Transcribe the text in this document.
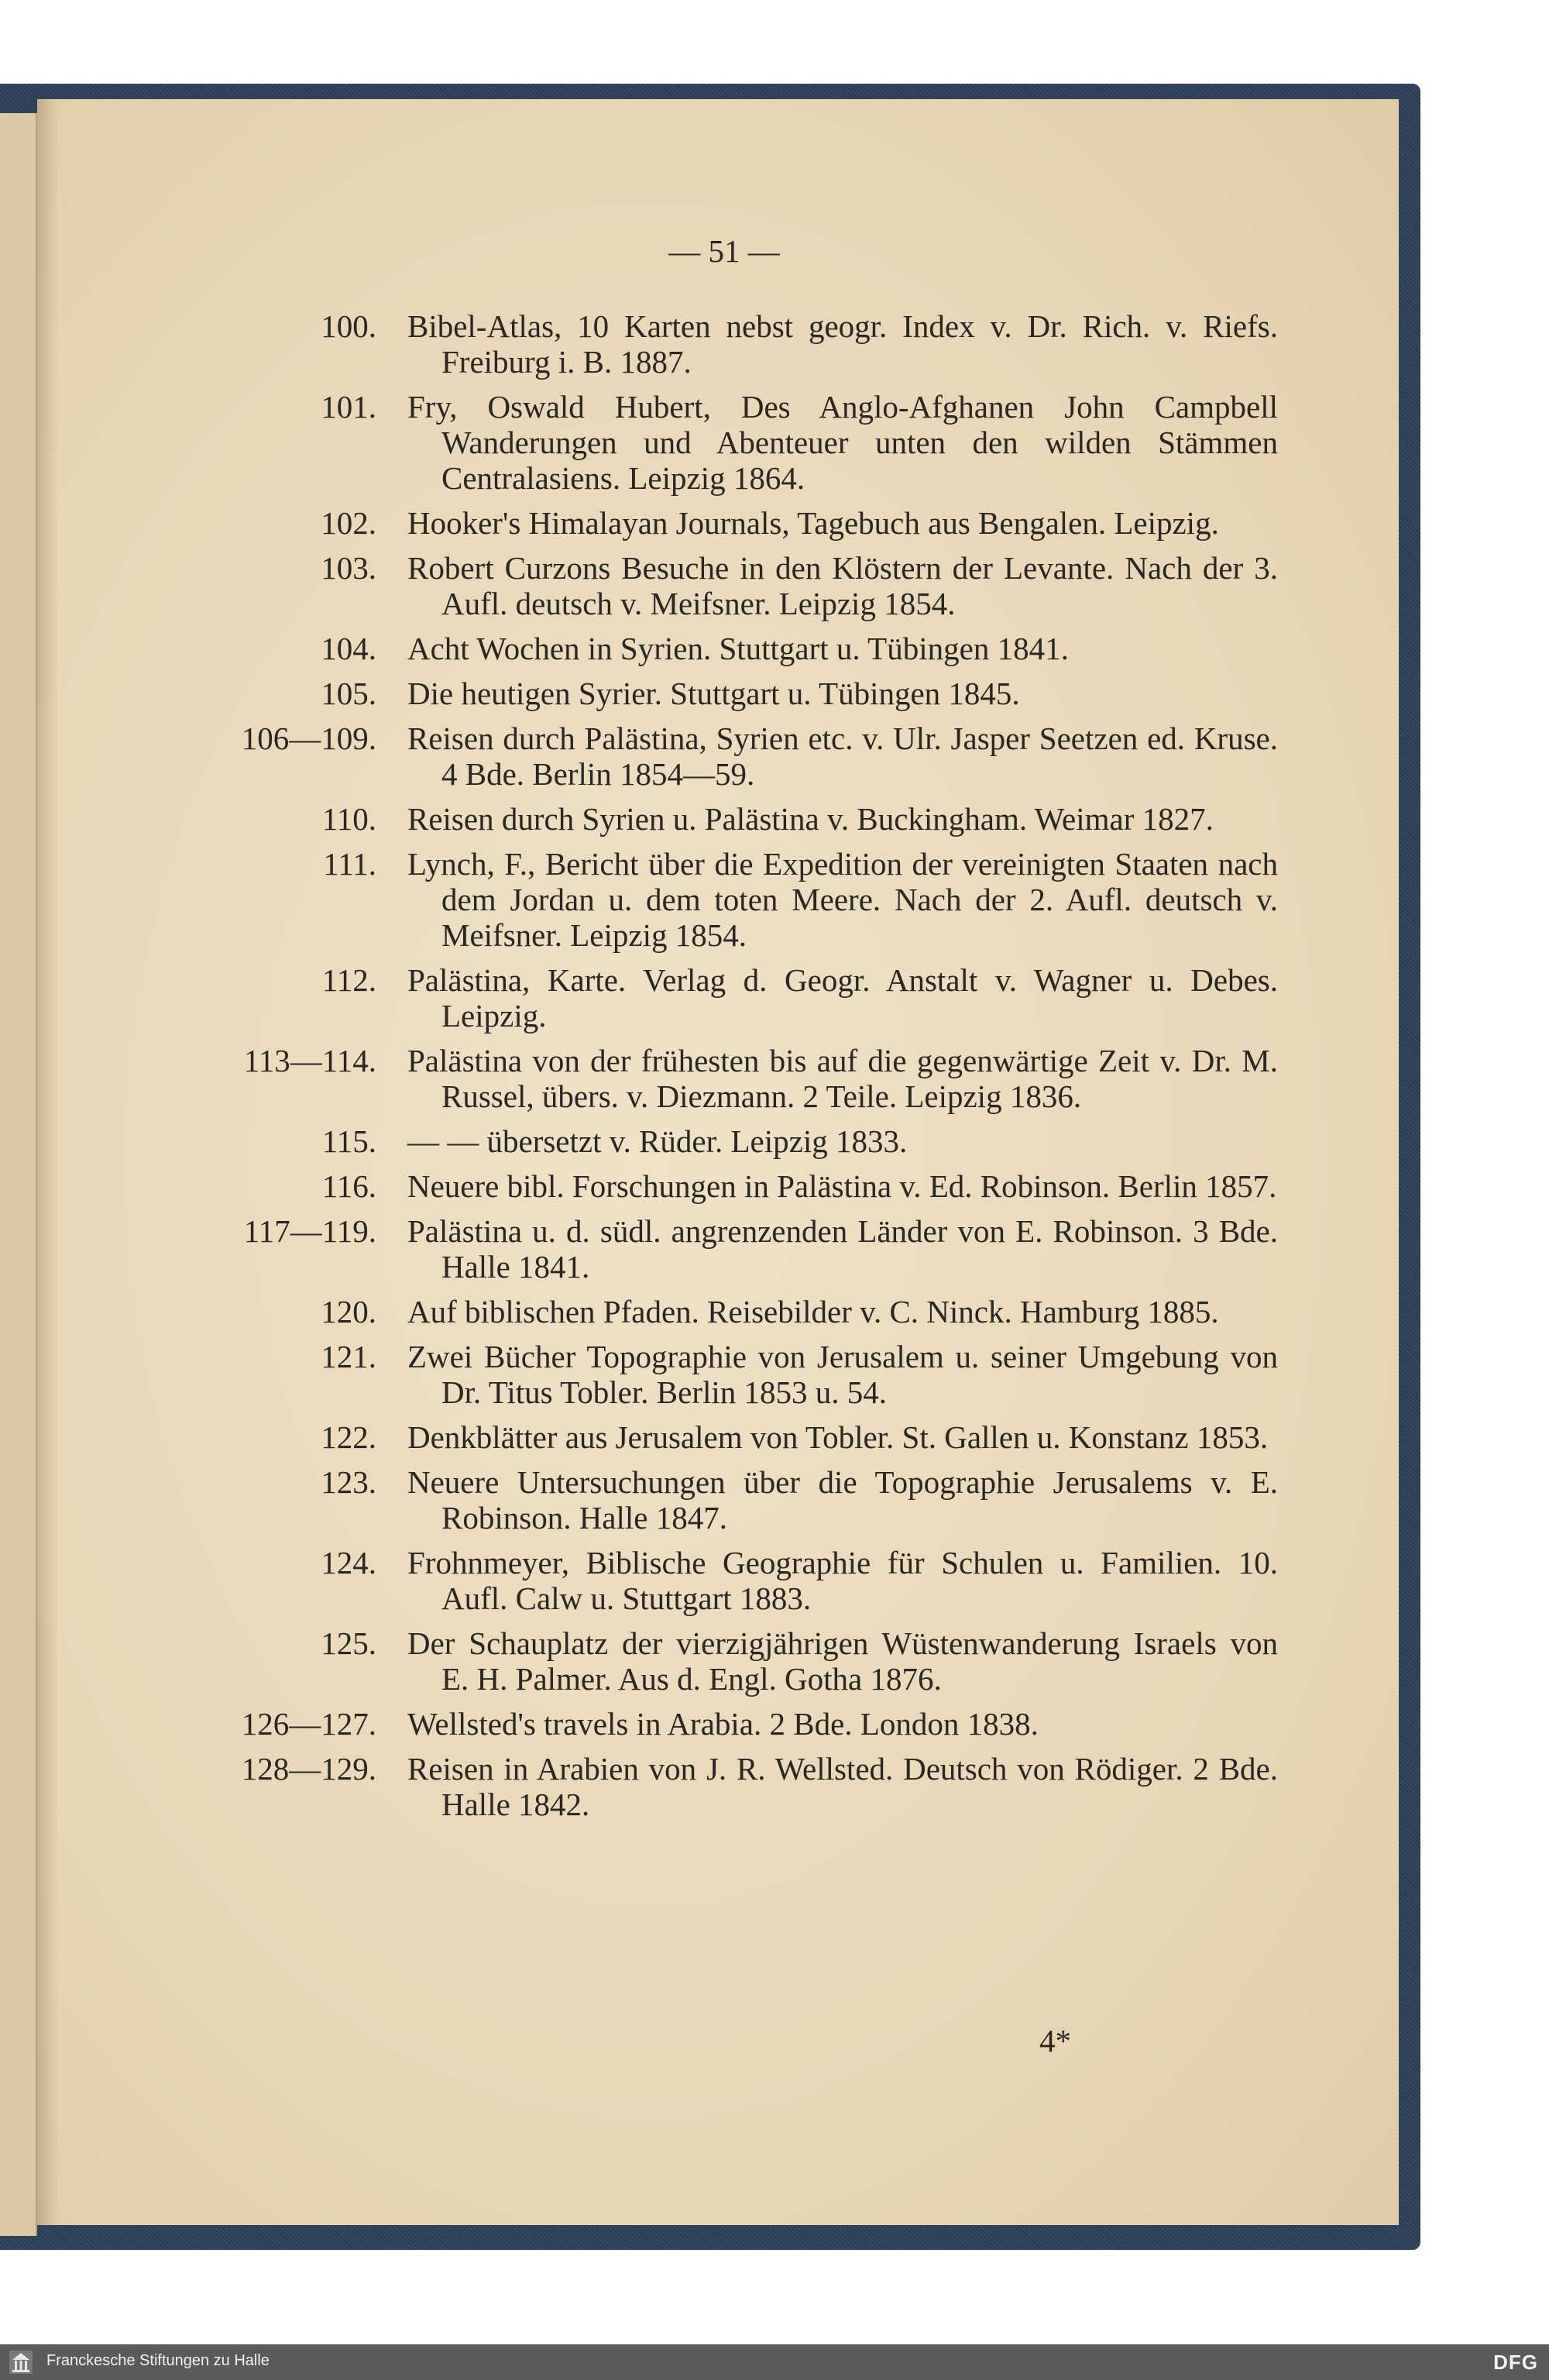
— 51 —
100. Bibel-Atlas, 10 Karten nebst geogr. Index v. Dr. Rich. v. Riefs. Freiburg i. B. 1887.
101. Fry, Oswald Hubert, Des Anglo-Afghanen John Campbell Wanderungen und Abenteuer unten den wilden Stämmen Centralasiens. Leipzig 1864.
102. Hooker's Himalayan Journals, Tagebuch aus Bengalen. Leipzig.
103. Robert Curzons Besuche in den Klöstern der Levante. Nach der 3. Aufl. deutsch v. Meifsner. Leipzig 1854.
104. Acht Wochen in Syrien. Stuttgart u. Tübingen 1841.
105. Die heutigen Syrier. Stuttgart u. Tübingen 1845.
106—109. Reisen durch Palästina, Syrien etc. v. Ulr. Jasper Seetzen ed. Kruse. 4 Bde. Berlin 1854—59.
110. Reisen durch Syrien u. Palästina v. Buckingham. Weimar 1827.
111. Lynch, F., Bericht über die Expedition der vereinigten Staaten nach dem Jordan u. dem toten Meere. Nach der 2. Aufl. deutsch v. Meifsner. Leipzig 1854.
112. Palästina, Karte. Verlag d. Geogr. Anstalt v. Wagner u. Debes. Leipzig.
113—114. Palästina von der frühesten bis auf die gegenwärtige Zeit v. Dr. M. Russel, übers. v. Diezmann. 2 Teile. Leipzig 1836.
115. — — übersetzt v. Rüder. Leipzig 1833.
116. Neuere bibl. Forschungen in Palästina v. Ed. Robinson. Berlin 1857.
117—119. Palästina u. d. südl. angrenzenden Länder von E. Robinson. 3 Bde. Halle 1841.
120. Auf biblischen Pfaden. Reisebilder v. C. Ninck. Hamburg 1885.
121. Zwei Bücher Topographie von Jerusalem u. seiner Umgebung von Dr. Titus Tobler. Berlin 1853 u. 54.
122. Denkblätter aus Jerusalem von Tobler. St. Gallen u. Konstanz 1853.
123. Neuere Untersuchungen über die Topographie Jerusalems v. E. Robinson. Halle 1847.
124. Frohnmeyer, Biblische Geographie für Schulen u. Familien. 10. Aufl. Calw u. Stuttgart 1883.
125. Der Schauplatz der vierzigjährigen Wüstenwanderung Israels von E. H. Palmer. Aus d. Engl. Gotha 1876.
126—127. Wellsted's travels in Arabia. 2 Bde. London 1838.
128—129. Reisen in Arabien von J. R. Wellsted. Deutsch von Rödiger. 2 Bde. Halle 1842.
4*
Franckesche Stiftungen zu Halle	DFG
